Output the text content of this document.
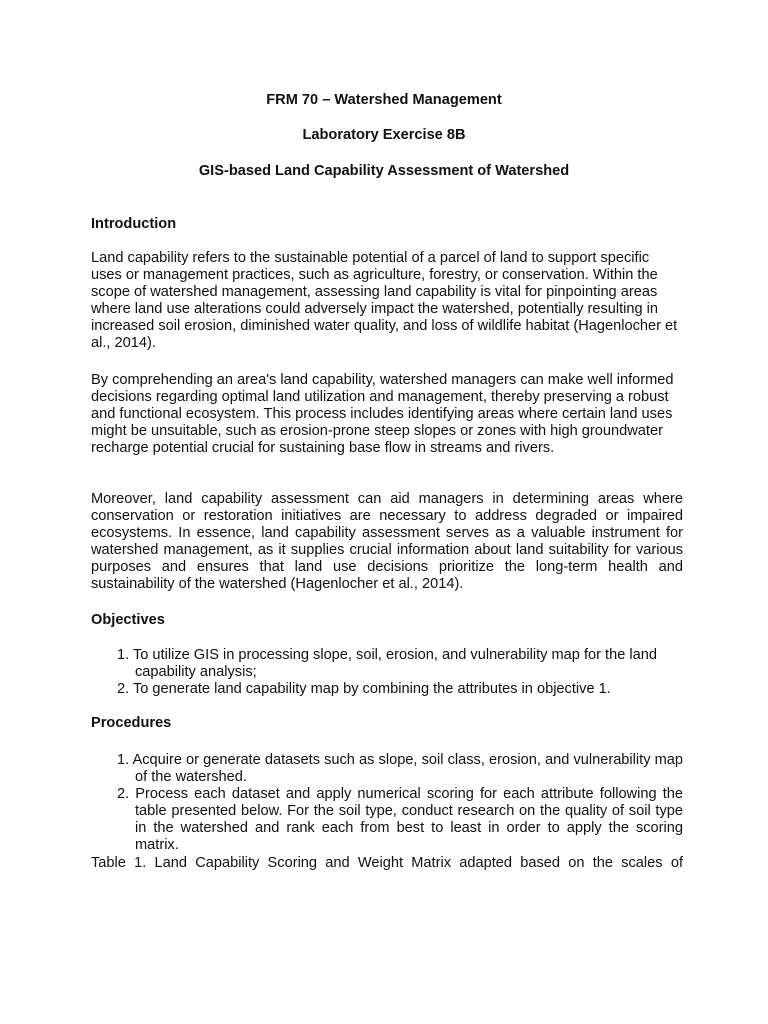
FRM 70 – Watershed Management
Laboratory Exercise 8B
GIS-based Land Capability Assessment of Watershed
Introduction

Land capability refers to the sustainable potential of a parcel of land to support specific uses or management practices, such as agriculture, forestry, or conservation. Within the scope of watershed management, assessing land capability is vital for pinpointing areas where land use alterations could adversely impact the watershed, potentially resulting in increased soil erosion, diminished water quality, and loss of wildlife habitat (Hagenlocher et al., 2014).

By comprehending an area's land capability, watershed managers can make well informed decisions regarding optimal land utilization and management, thereby preserving a robust and functional ecosystem. This process includes identifying areas where certain land uses might be unsuitable, such as erosion-prone steep slopes or zones with high groundwater recharge potential crucial for sustaining base flow in streams and rivers.

Moreover, land capability assessment can aid managers in determining areas where conservation or restoration initiatives are necessary to address degraded or impaired ecosystems. In essence, land capability assessment serves as a valuable instrument for watershed management, as it supplies crucial information about land suitability for various purposes and ensures that land use decisions prioritize the long-term health and sustainability of the watershed (Hagenlocher et al., 2014).

Objectives
1. To utilize GIS in processing slope, soil, erosion, and vulnerability map for the land capability analysis;
2. To generate land capability map by combining the attributes in objective 1.
Procedures
1. Acquire or generate datasets such as slope, soil class, erosion, and vulnerability map of the watershed.
2. Process each dataset and apply numerical scoring for each attribute following the table presented below. For the soil type, conduct research on the quality of soil type in the watershed and rank each from best to least in order to apply the scoring matrix.
Table 1. Land Capability Scoring and Weight Matrix adapted based on the scales of
